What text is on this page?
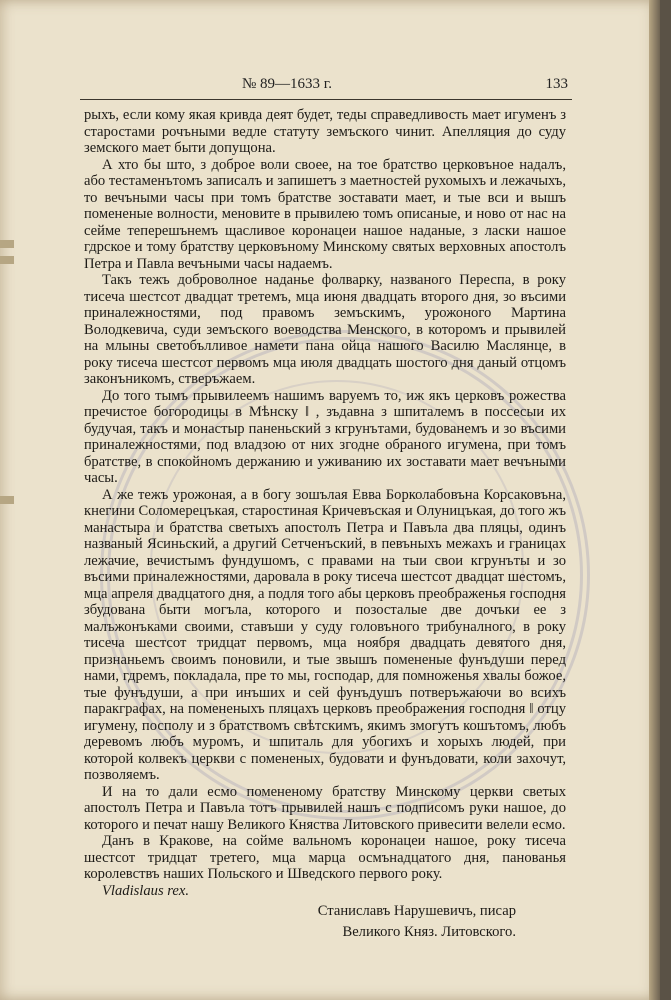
№ 89—1633 г.	133

рыхъ, если кому якая кривда деят будет, теды справедливость мает игуменъ з старостами рочъными ведле статуту земъского чинит. Апелляция до суду земского мает быти допущона.

А хто бы што, з доброе воли своее, на тое братство церковъное надалъ, або тестаменътомъ записалъ и запишетъ з маетностей рухомыхъ и лежачыхъ, то вечъными часы при томъ братстве зоставати мает, и тые вси и вышъ помененые волности, меновите в прывилею томъ описаные, и ново от нас на сейме теперешънемъ щасливое коронацеи нашое наданые, з ласки нашое гдрское и тому братству церковъному Минскому святых верховных апостолъ Петра и Павла вечъными часы надаемъ.

Такъ тежъ доброволное наданье фолварку, названого Переспа, в року тисеча шестсот двадцат третемъ, мца июня двадцать второго дня, зо въсими приналежностями, под правомъ земъскимъ, урожоного Мартина Володкевича, суди земъского воеводства Менского, в которомъ и прывилей на млыны светобълливое намети пана ойца нашого Василю Маслянце, в року тисеча шестсот первомъ мца июля двадцать шостого дня даный отцомъ законъникомъ, стверъжаем.

До того тымъ прывилеемъ нашимъ варуемъ то, иж якъ церковъ рожества пречистое богородицы в Мѣнску ‖ , зъдавна з шпиталемъ в поссесыи их будучая, такъ и монастыр паненьский з кгрунътами, будованемъ и зо въсими приналежностями, под владзою от них згодне обраного игумена, при томъ братстве, в спокойномъ держанию и уживанию их зоставати мает вечъными часы.

А же тежъ урожоная, а в богу зошълая Евва Борколабовъна Корсаковъна, кнегини Соломерецъкая, старостиная Кричевъская и Олуницъкая, до того жъ манастыра и братства светыхъ апостолъ Петра и Павъла два пляцы, одинъ названый Ясиньский, а другий Сетченъский, в певъныхъ межахъ и границах лежачие, вечистымъ фундушомъ, с правами на тыи свои кгрунъты и зо въсими приналежностями, даровала в року тисеча шестсот двадцат шестомъ, мца апреля двадцатого дня, а подля того абы церковъ преображенья господня збудована быти могъла, которого и позосталые две дочъки ее з малъжонъками своими, ставъши у суду головъного трибуналного, в року тисеча шестсот тридцат первомъ, мца ноября двадцать девятого дня, признаньемъ своимъ поновили, и тые звышъ помененые фунъдуши перед нами, гдремъ, покладала, пре то мы, господар, для помноженья хвалы божое, тые фунъдуши, а при инъших и сей фунъдушъ потверъжаючи во всихъ паракграфах, на помененыхъ пляцахъ церковъ преображения господня ‖ отцу игумену, посполу и з братствомъ свѣтскимъ, якимъ змогутъ кошътомъ, любъ деревомъ любъ муромъ, и шпиталь для убогихъ и хорыхъ людей, при которой колвекъ церкви с помененых, будовати и фунъдовати, коли захочут, позволяемъ.

И на то дали есмо помененому братству Минскому церкви светых апостолъ Петра и Павъла тотъ прывилей нашъ с подписомъ руки нашое, до которого и печат нашу Великого Княства Литовского привесити велели есмо.

Данъ в Кракове, на сойме вальномъ коронацеи нашое, року тисеча шестсот тридцат третего, мца марца осмънадцатого дня, панованья королевствъ наших Польского и Шведского первого року.

Vladislaus rex.

Станиславъ Нарушевичъ, писар

Великого Княз. Литовского.
